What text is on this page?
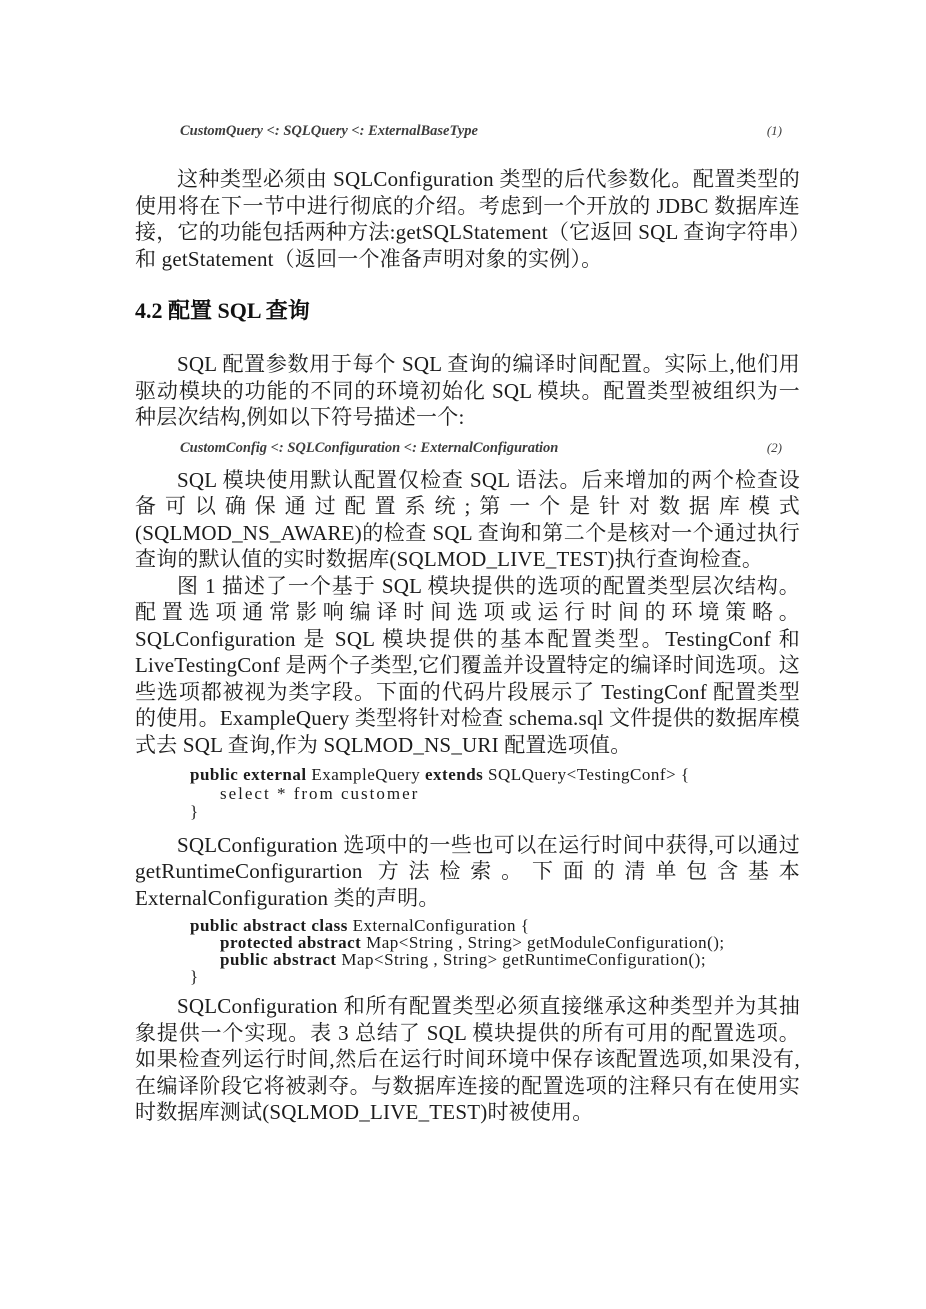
CustomQuery <: SQLQuery <: ExternalBaseType	(1)

这种类型必须由 SQLConfiguration 类型的后代参数化。配置类型的使用将在下一节中进行彻底的介绍。考虑到一个开放的 JDBC 数据库连接，它的功能包括两种方法:getSQLStatement（它返回 SQL 查询字符串）和 getStatement（返回一个准备声明对象的实例）。

4.2 配置 SQL 查询

SQL 配置参数用于每个 SQL 查询的编译时间配置。实际上,他们用驱动模块的功能的不同的环境初始化 SQL 模块。配置类型被组织为一种层次结构,例如以下符号描述一个:

CustomConfig <: SQLConfiguration <: ExternalConfiguration	(2)

SQL 模块使用默认配置仅检查 SQL 语法。后来增加的两个检查设备可以确保通过配置系统;第一个是针对数据库模式(SQLMOD_NS_AWARE)的检查 SQL 查询和第二个是核对一个通过执行查询的默认值的实时数据库(SQLMOD_LIVE_TEST)执行查询检查。

图 1 描述了一个基于 SQL 模块提供的选项的配置类型层次结构。配置选项通常影响编译时间选项或运行时间的环境策略。SQLConfiguration 是 SQL 模块提供的基本配置类型。TestingConf 和 LiveTestingConf 是两个子类型,它们覆盖并设置特定的编译时间选项。这些选项都被视为类字段。下面的代码片段展示了 TestingConf 配置类型的使用。ExampleQuery 类型将针对检查 schema.sql 文件提供的数据库模式去 SQL 查询,作为 SQLMOD_NS_URI 配置选项值。

public external ExampleQuery extends SQLQuery<TestingConf> {
select * from customer
}

SQLConfiguration 选项中的一些也可以在运行时间中获得,可以通过 getRuntimeConfigurartion 方法检索。下面的清单包含基本 ExternalConfiguration 类的声明。

public abstract class ExternalConfiguration {
protected abstract Map<String , String> getModuleConfiguration();
public abstract Map<String , String> getRuntimeConfiguration();
}

SQLConfiguration 和所有配置类型必须直接继承这种类型并为其抽象提供一个实现。表 3 总结了 SQL 模块提供的所有可用的配置选项。如果检查列运行时间,然后在运行时间环境中保存该配置选项,如果没有,在编译阶段它将被剥夺。与数据库连接的配置选项的注释只有在使用实时数据库测试(SQLMOD_LIVE_TEST)时被使用。
